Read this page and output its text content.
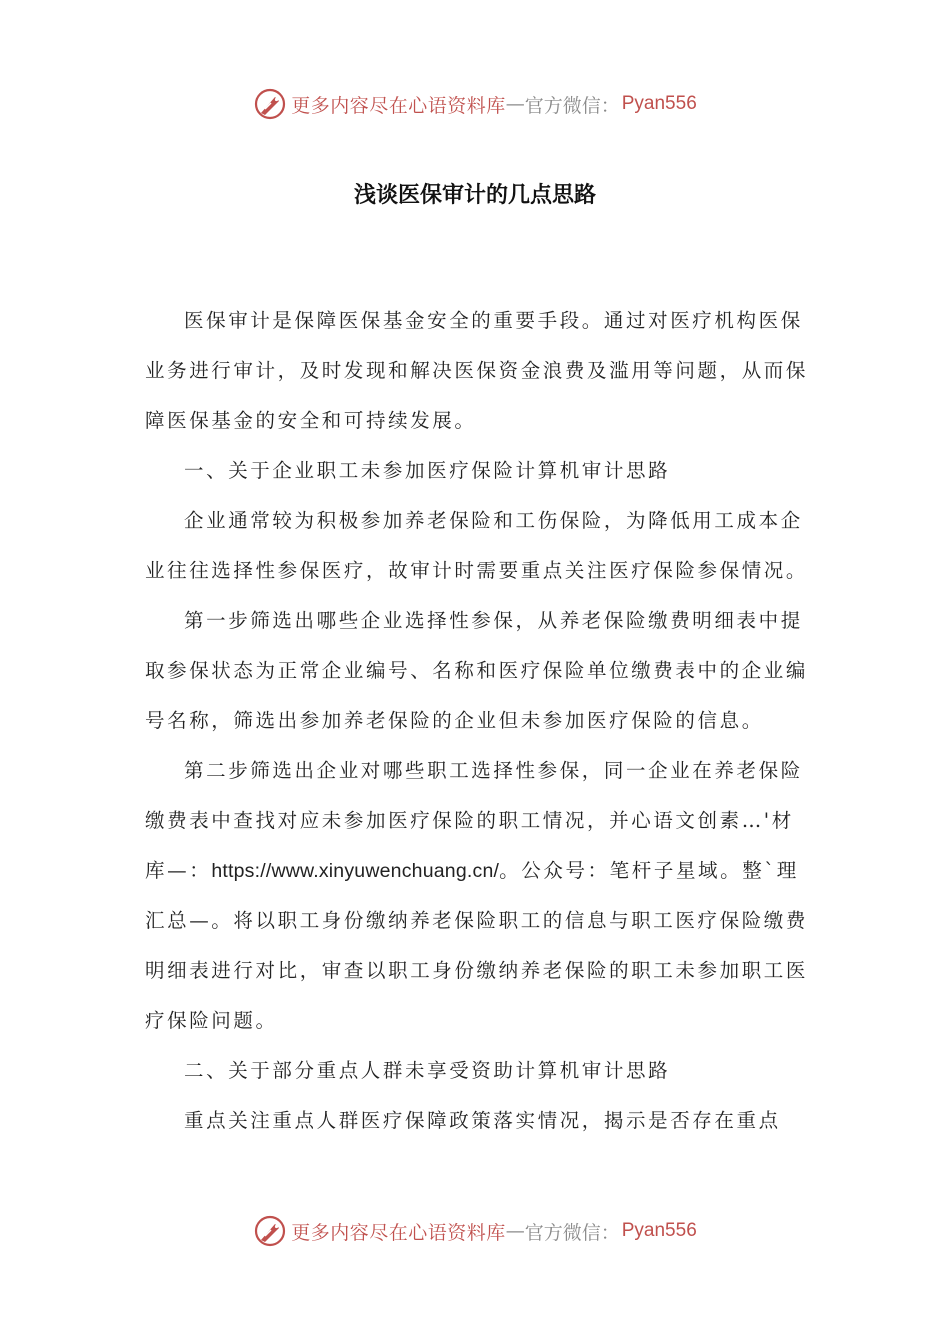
更多内容尽在心语资料库 — 官方微信： Pyan556
浅谈医保审计的几点思路

医保审计是保障医保基金安全的重要手段。通过对医疗机构医保业务进行审计，及时发现和解决医保资金浪费及滥用等问题，从而保障医保基金的安全和可持续发展。

一、关于企业职工未参加医疗保险计算机审计思路

企业通常较为积极参加养老保险和工伤保险，为降低用工成本企业往往选择性参保医疗，故审计时需要重点关注医疗保险参保情况。

第一步筛选出哪些企业选择性参保，从养老保险缴费明细表中提取参保状态为正常企业编号、名称和医疗保险单位缴费表中的企业编号名称，筛选出参加养老保险的企业但未参加医疗保险的信息。

第二步筛选出企业对哪些职工选择性参保，同一企业在养老保险缴费表中查找对应未参加医疗保险的职工情况，并心语文创素…'材库—：https://www.xinyuwenchuang.cn/。公众号：笔杆子星域。整`理汇总—。将以职工身份缴纳养老保险职工的信息与职工医疗保险缴费明细表进行对比，审查以职工身份缴纳养老保险的职工未参加职工医疗保险问题。

二、关于部分重点人群未享受资助计算机审计思路

重点关注重点人群医疗保障政策落实情况，揭示是否存在重点

更多内容尽在心语资料库 — 官方微信： Pyan556
